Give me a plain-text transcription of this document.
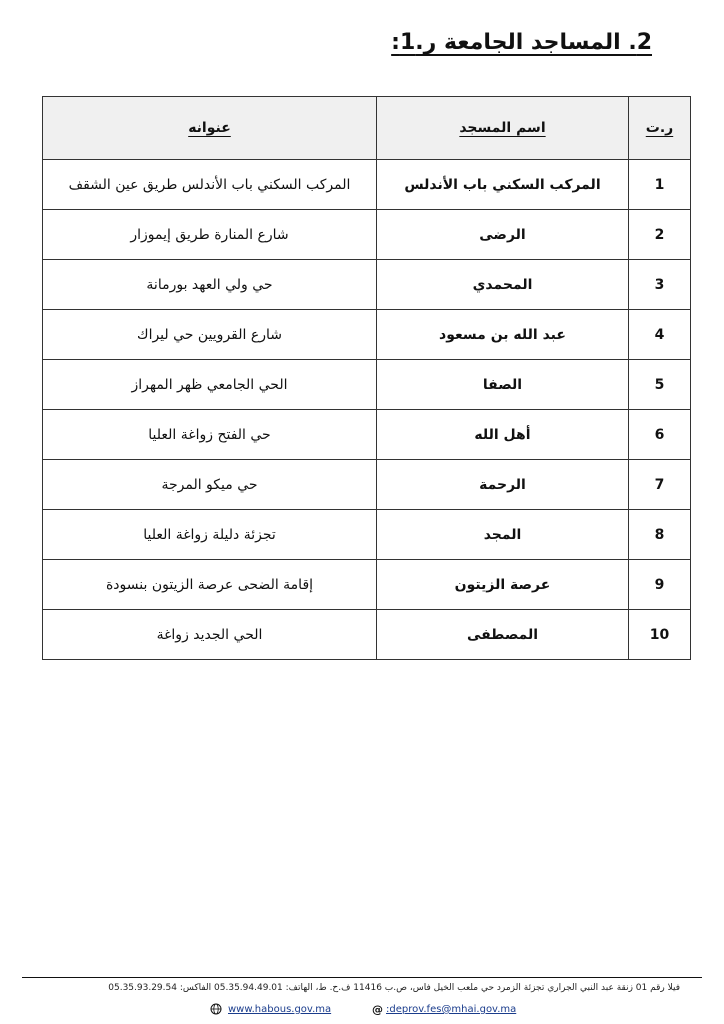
2. المساجد الجامعة ر.1:
ر.ت	اسم المسجد	عنوانه
1	المركب السكني باب الأندلس	المركب السكني باب الأندلس طريق عين الشقف
2	الرضى	شارع المنارة طريق إيموزار
3	المحمدي	حي ولي العهد بورمانة
4	عبد الله بن مسعود	شارع القرويين حي ليراك
5	الصفا	الحي الجامعي ظهر المهراز
6	أهل الله	حي الفتح زواغة العليا
7	الرحمة	حي ميكو المرجة
8	المجد	تجزئة دليلة زواغة العليا
9	عرصة الزيتون	إقامة الضحى عرصة الزيتون بنسودة
10	المصطفى	الحي الجديد زواغة
فيلا رقم 01 زنقة عبد النبي الجراري تجزئة الزمرد حي ملعب الخيل فاس، ص.ب 11416 ف.ح. ط، الهاتف: 05.35.94.49.01 الفاكس: 05.35.93.29.54
www.habous.gov.ma	@ :deprov.fes@mhai.gov.ma
